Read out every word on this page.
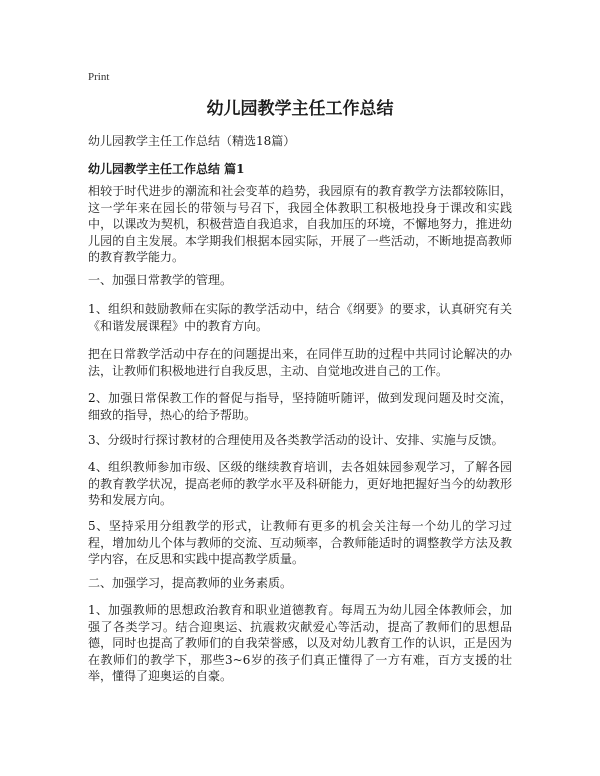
Print
幼儿园教学主任工作总结

幼儿园教学主任工作总结（精选18篇）

幼儿园教学主任工作总结 篇1

相较于时代进步的潮流和社会变革的趋势，我园原有的教育教学方法都较陈旧，这一学年来在园长的带领与号召下，我园全体教职工积极地投身于课改和实践中，以课改为契机，积极营造自我追求，自我加压的环境，不懈地努力，推进幼儿园的自主发展。本学期我们根据本园实际，开展了一些活动，不断地提高教师的教育教学能力。

一、加强日常教学的管理。

1、组织和鼓励教师在实际的教学活动中，结合《纲要》的要求，认真研究有关《和谐发展课程》中的教育方向。

把在日常教学活动中存在的问题提出来，在同伴互助的过程中共同讨论解决的办法，让教师们积极地进行自我反思，主动、自觉地改进自己的工作。

2、加强日常保教工作的督促与指导，坚持随听随评，做到发现问题及时交流，细致的指导，热心的给予帮助。

3、分级时行探讨教材的合理使用及各类教学活动的设计、安排、实施与反馈。

4、组织教师参加市级、区级的继续教育培训，去各姐妹园参观学习，了解各园的教育教学状况，提高老师的教学水平及科研能力，更好地把握好当今的幼教形势和发展方向。

5、坚持采用分组教学的形式，让教师有更多的机会关注每一个幼儿的学习过程，增加幼儿个体与教师的交流、互动频率，合教师能适时的调整教学方法及教学内容，在反思和实践中提高教学质量。

二、加强学习，提高教师的业务素质。

1、加强教师的思想政治教育和职业道德教育。每周五为幼儿园全体教师会，加强了各类学习。结合迎奥运、抗震救灾献爱心等活动，提高了教师们的思想品德，同时也提高了教师们的自我荣誉感，以及对幼儿教育工作的认识，正是因为在教师们的教学下，那些3~6岁的孩子们真正懂得了一方有难，百方支援的壮举，懂得了迎奥运的自豪。
